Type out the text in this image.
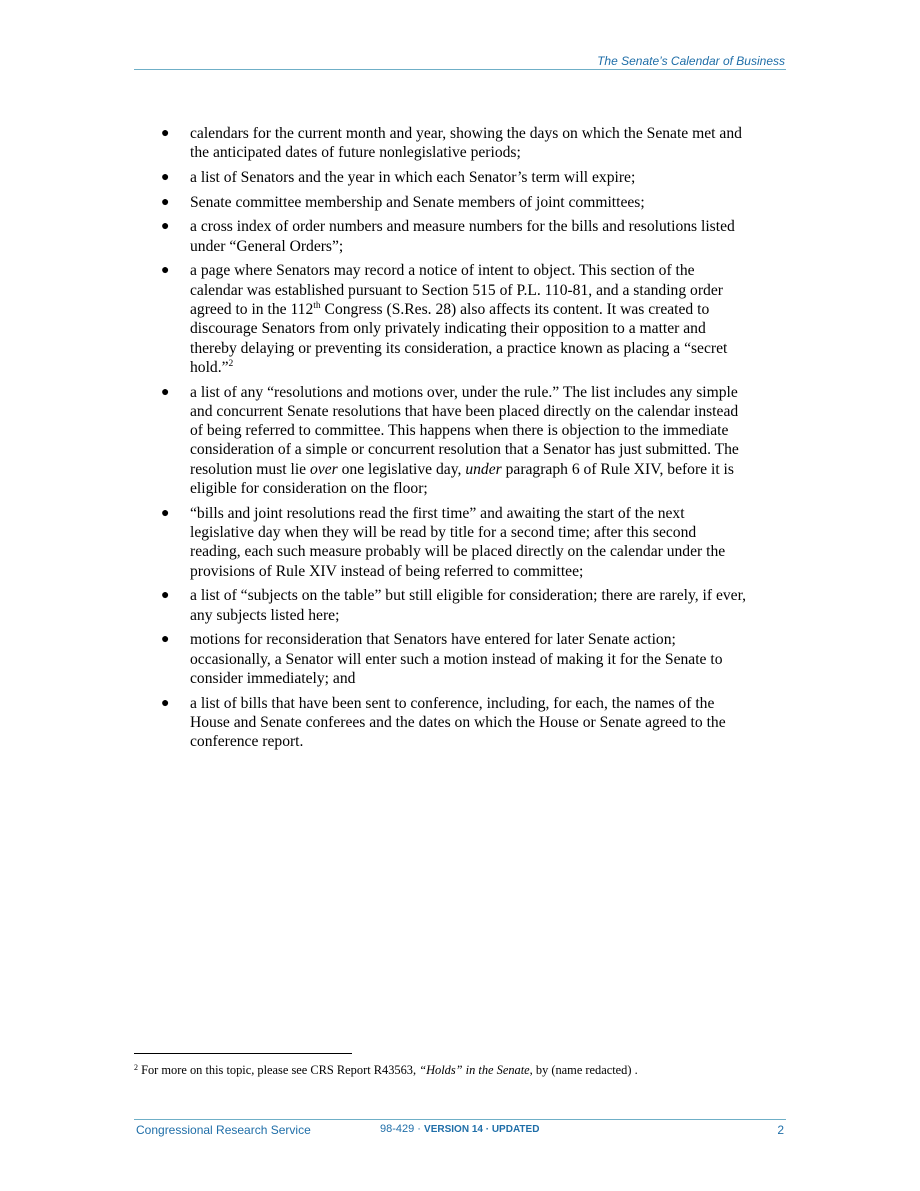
The Senate’s Calendar of Business
● calendars for the current month and year, showing the days on which the Senate met and the anticipated dates of future nonlegislative periods;
● a list of Senators and the year in which each Senator’s term will expire;
● Senate committee membership and Senate members of joint committees;
● a cross index of order numbers and measure numbers for the bills and resolutions listed under “General Orders”;
● a page where Senators may record a notice of intent to object. This section of the calendar was established pursuant to Section 515 of P.L. 110-81, and a standing order agreed to in the 112th Congress (S.Res. 28) also affects its content. It was created to discourage Senators from only privately indicating their opposition to a matter and thereby delaying or preventing its consideration, a practice known as placing a “secret hold.”$^2$
● a list of any “resolutions and motions over, under the rule.” The list includes any simple and concurrent Senate resolutions that have been placed directly on the calendar instead of being referred to committee. This happens when there is objection to the immediate consideration of a simple or concurrent resolution that a Senator has just submitted. The resolution must lie over one legislative day, under paragraph 6 of Rule XIV, before it is eligible for consideration on the floor;
● “bills and joint resolutions read the first time” and awaiting the start of the next legislative day when they will be read by title for a second time; after this second reading, each such measure probably will be placed directly on the calendar under the provisions of Rule XIV instead of being referred to committee;
● a list of “subjects on the table” but still eligible for consideration; there are rarely, if ever, any subjects listed here;
● motions for reconsideration that Senators have entered for later Senate action; occasionally, a Senator will enter such a motion instead of making it for the Senate to consider immediately; and
● a list of bills that have been sent to conference, including, for each, the names of the House and Senate conferees and the dates on which the House or Senate agreed to the conference report.
$^2$ For more on this topic, please see CRS Report R43563, “Holds” in the Senate, by (name redacted) .
Congressional Research Service	98-429 · VERSION 14 · UPDATED	2
